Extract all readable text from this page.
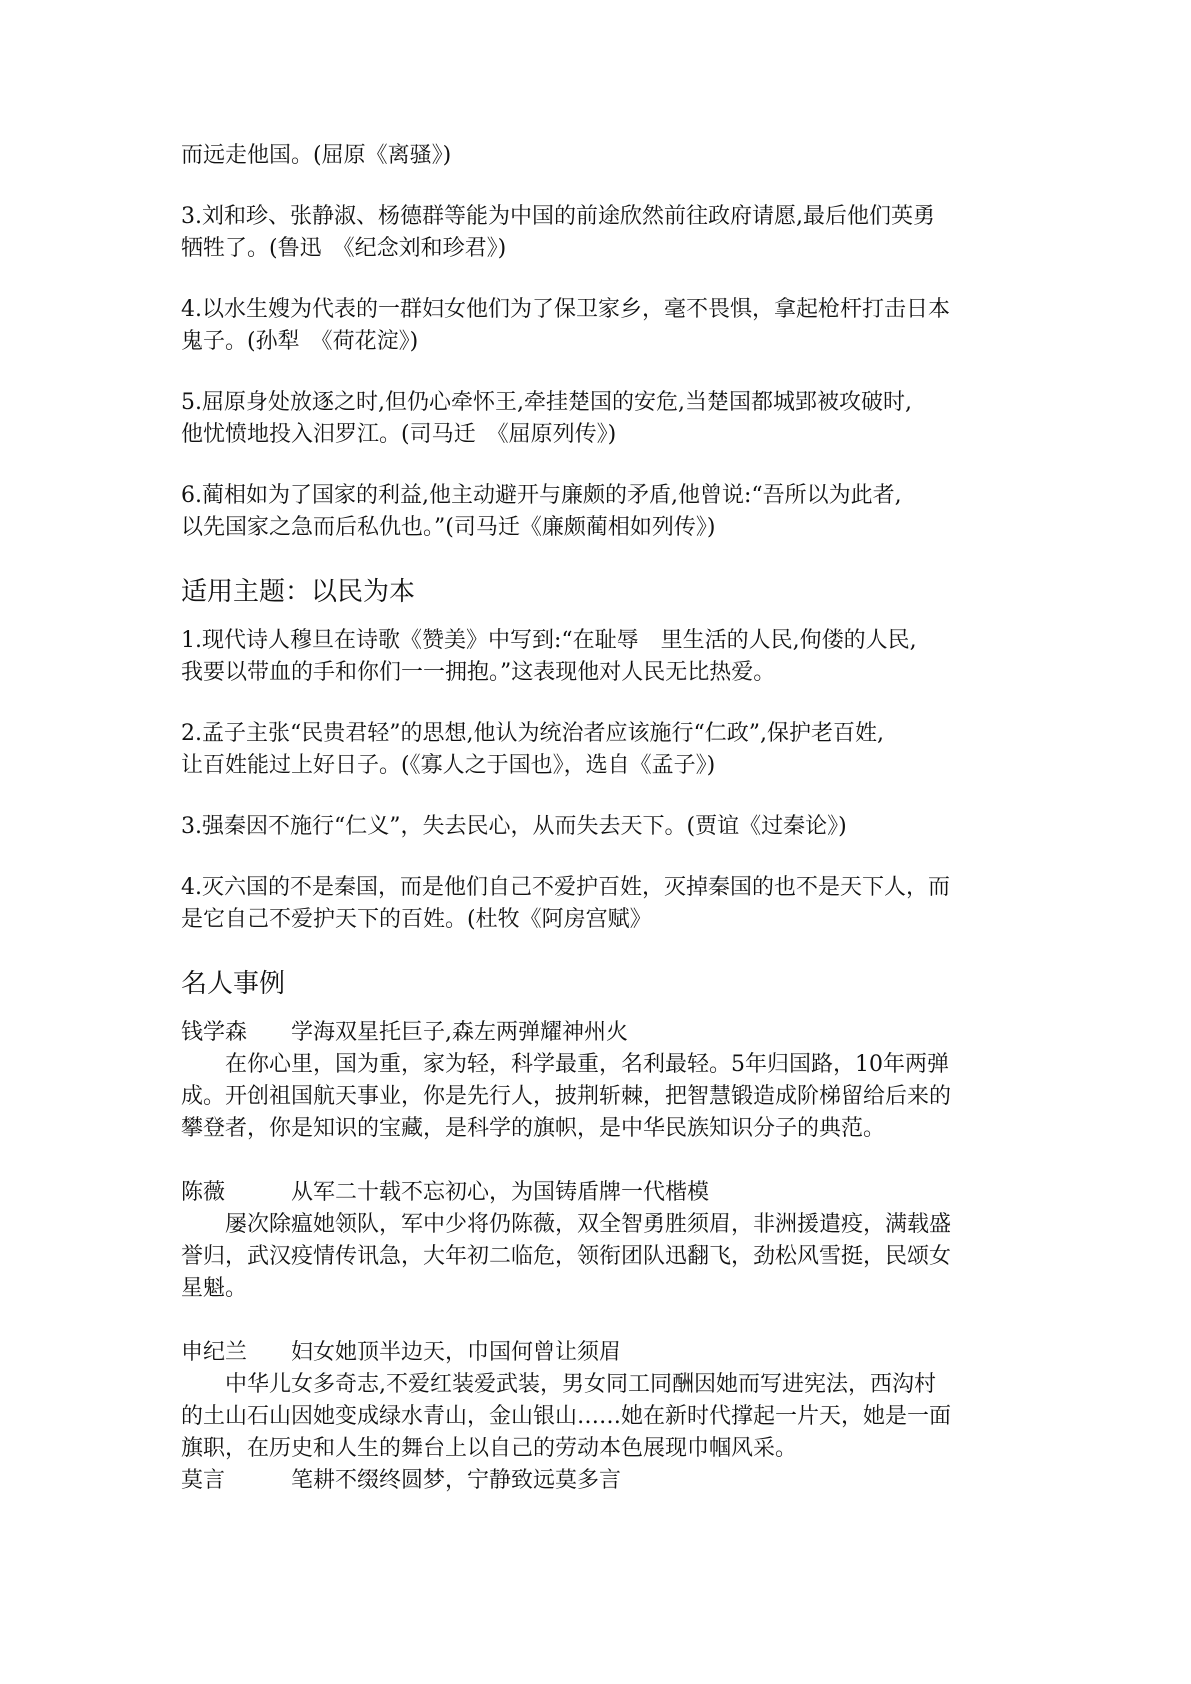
而远走他国。(屈原《离骚》)
3.刘和珍、张静淑、杨德群等能为中国的前途欣然前往政府请愿,最后他们英勇
牺牲了。(鲁迅　《纪念刘和珍君》)
4.以水生嫂为代表的一群妇女他们为了保卫家乡，毫不畏惧，拿起枪杆打击日本
鬼子。(孙犁　《荷花淀》)
5.屈原身处放逐之时,但仍心牵怀王,牵挂楚国的安危,当楚国都城郢被攻破时,
他忧愤地投入汨罗江。(司马迁　《屈原列传》)
6.蔺相如为了国家的利益,他主动避开与廉颇的矛盾,他曾说:“吾所以为此者,
以先国家之急而后私仇也。”(司马迁《廉颇蔺相如列传》)
适用主题：以民为本
1.现代诗人穆旦在诗歌《赞美》中写到:“在耻辱　里生活的人民,佝偻的人民,
我要以带血的手和你们一一拥抱。”这表现他对人民无比热爱。
2.孟子主张“民贵君轻”的思想,他认为统治者应该施行“仁政”,保护老百姓,
让百姓能过上好日子。(《寡人之于国也》，选自《孟子》)
3.强秦因不施行“仁义”，失去民心，从而失去天下。(贾谊《过秦论》)
4.灭六国的不是秦国，而是他们自己不爱护百姓，灭掉秦国的也不是天下人，而
是它自己不爱护天下的百姓。(杜牧《阿房宫赋》
名人事例
钱学森 学海双星托巨子,森左两弹耀神州火
在你心里，国为重，家为轻，科学最重，名利最轻。5年归国路，10年两弹
成。开创祖国航天事业，你是先行人，披荆斩棘，把智慧锻造成阶梯留给后来的
攀登者，你是知识的宝藏，是科学的旗帜，是中华民族知识分子的典范。
陈薇	从军二十载不忘初心，为国铸盾牌一代楷模
屡次除瘟她领队，军中少将仍陈薇，双全智勇胜须眉，非洲援遣疫，满载盛
誉归，武汉疫情传讯急，大年初二临危，领衔团队迅翻飞，劲松风雪挺，民颂女
星魁。
申纪兰 妇女她顶半边天，巾国何曾让须眉
中华儿女多奇志,不爱红装爱武装，男女同工同酬因她而写进宪法，西沟村
的土山石山因她变成绿水青山，金山银山……她在新时代撑起一片天，她是一面
旗职，在历史和人生的舞台上以自己的劳动本色展现巾帼风采。
莫言	笔耕不缀终圆梦，宁静致远莫多言
